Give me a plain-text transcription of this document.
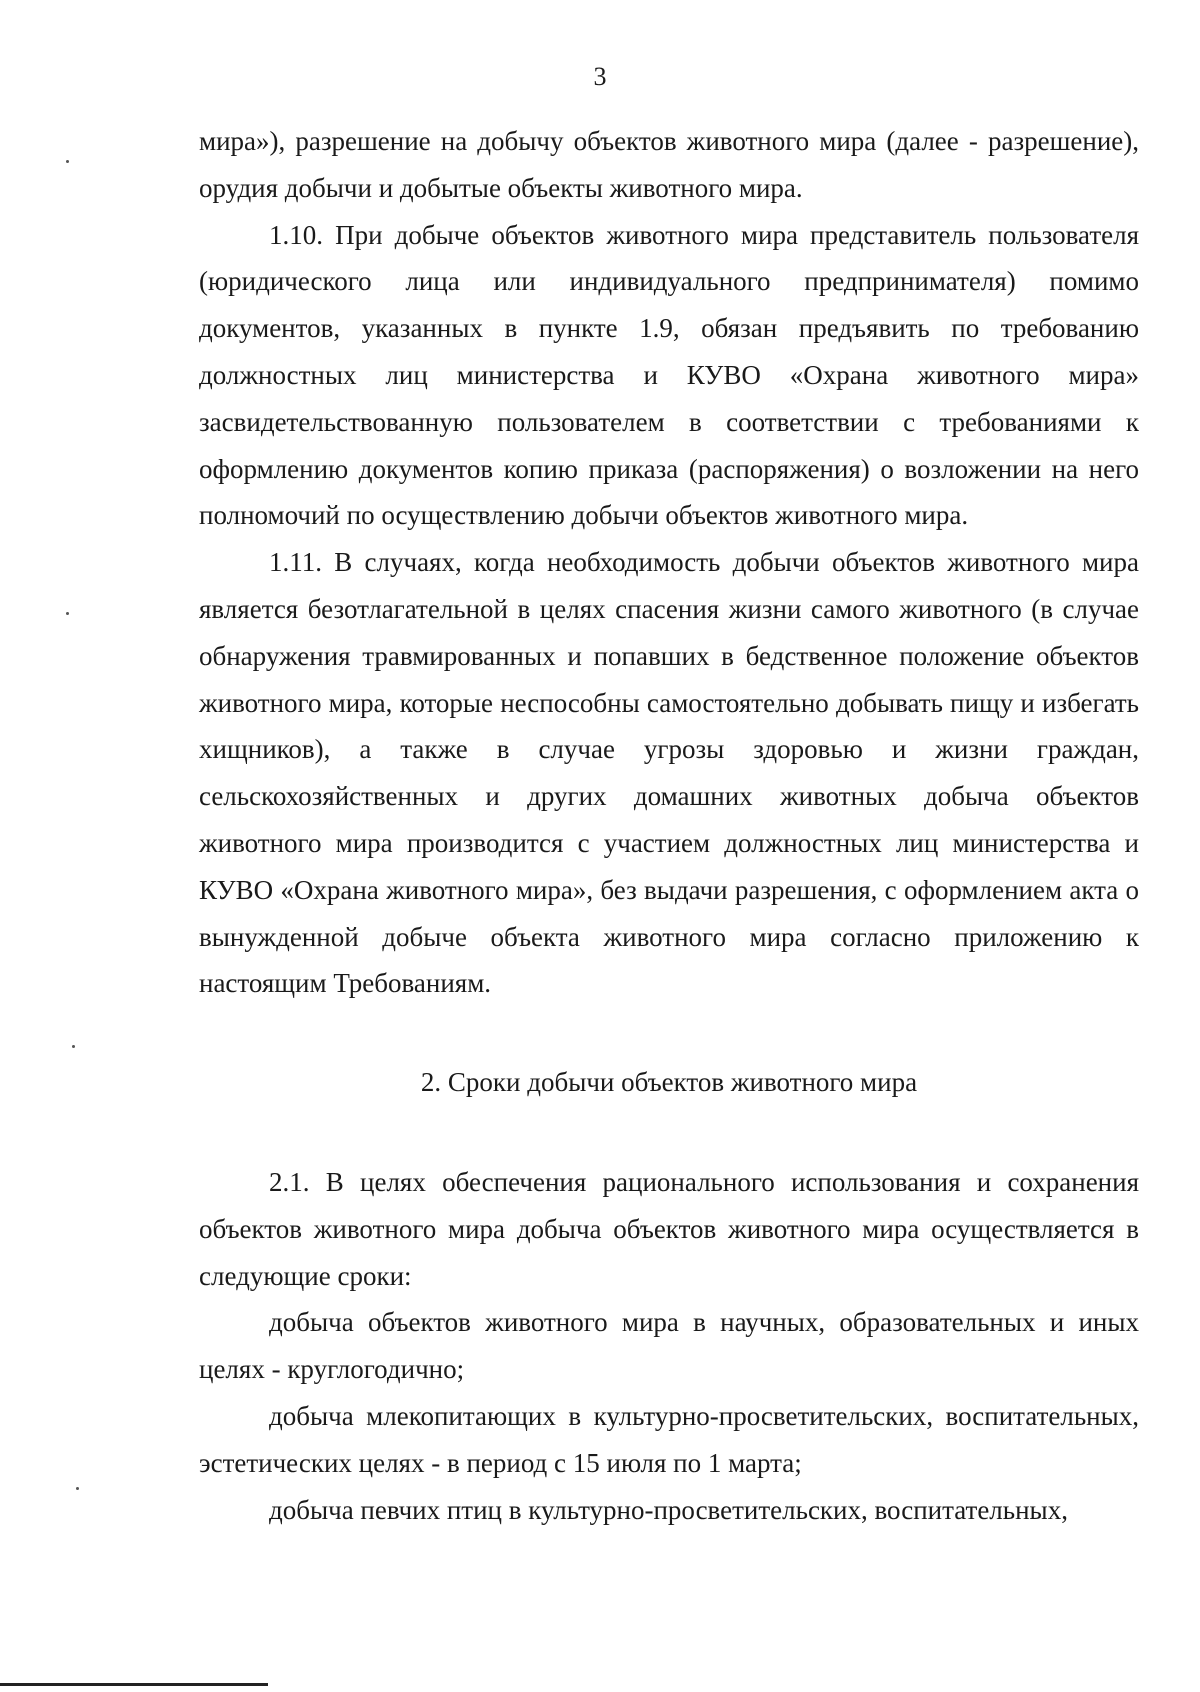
3

мира»), разрешение на добычу объектов животного мира (далее - разрешение), орудия добычи и добытые объекты животного мира.

1.10. При добыче объектов животного мира представитель пользователя (юридического лица или индивидуального предпринимателя) помимо документов, указанных в пункте 1.9, обязан предъявить по требованию должностных лиц министерства и КУВО «Охрана животного мира» засвидетельствованную пользователем в соответствии с требованиями к оформлению документов копию приказа (распоряжения) о возложении на него полномочий по осуществлению добычи объектов животного мира.

1.11. В случаях, когда необходимость добычи объектов животного мира является безотлагательной в целях спасения жизни самого животного (в случае обнаружения травмированных и попавших в бедственное положение объектов животного мира, которые неспособны самостоятельно добывать пищу и избегать хищников), а также в случае угрозы здоровью и жизни граждан, сельскохозяйственных и других домашних животных добыча объектов животного мира производится с участием должностных лиц министерства и КУВО «Охрана животного мира», без выдачи разрешения, с оформлением акта о вынужденной добыче объекта животного мира согласно приложению к настоящим Требованиям.

2. Сроки добычи объектов животного мира

2.1. В целях обеспечения рационального использования и сохранения объектов животного мира добыча объектов животного мира осуществляется в следующие сроки:

добыча объектов животного мира в научных, образовательных и иных целях - круглогодично;

добыча млекопитающих в культурно-просветительских, воспитательных, эстетических целях - в период с 15 июля по 1 марта;

добыча певчих птиц в культурно-просветительских, воспитательных,
